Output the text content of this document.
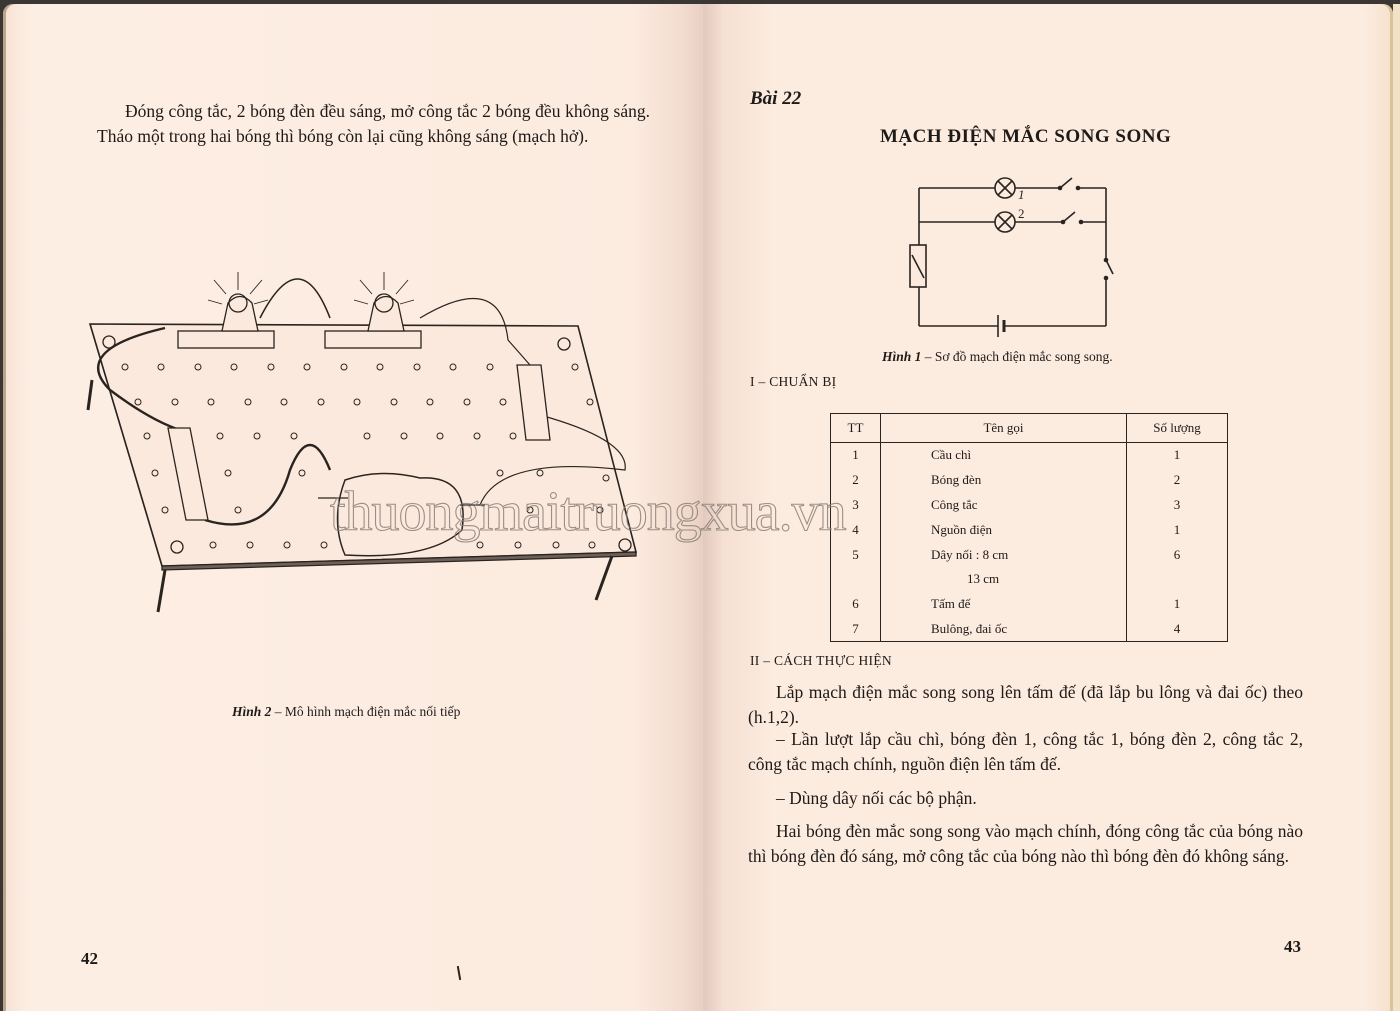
Đóng công tắc, 2 bóng đèn đều sáng, mở công tắc 2 bóng đều không sáng. Tháo một trong hai bóng thì bóng còn lại cũng không sáng (mạch hở).
Hình 2 – Mô hình mạch điện mắc nối tiếp
42
Bài 22
MẠCH ĐIỆN MẮC SONG SONG
1
2
Hình 1 – Sơ đồ mạch điện mắc song song.
I – CHUẨN BỊ
TT	Tên gọi	Số lượng
1	Cầu chì	1
2	Bóng đèn	2
3	Công tắc	3
4	Nguồn điện	1
5	Dây nối : 8 cm	6
	13 cm	
6	Tấm đế	1
7	Bulông, đai ốc	4
II – CÁCH THỰC HIỆN
Lắp mạch điện mắc song song lên tấm đế (đã lắp bu lông và đai ốc) theo (h.1,2).
– Lần lượt lắp cầu chì, bóng đèn 1, công tắc 1, bóng đèn 2, công tắc 2, công tắc mạch chính, nguồn điện lên tấm đế.
– Dùng dây nối các bộ phận.
Hai bóng đèn mắc song song vào mạch chính, đóng công tắc của bóng nào thì bóng đèn đó sáng, mở công tắc của bóng nào thì bóng đèn đó không sáng.
43
thuongmaitruongxua.vn
